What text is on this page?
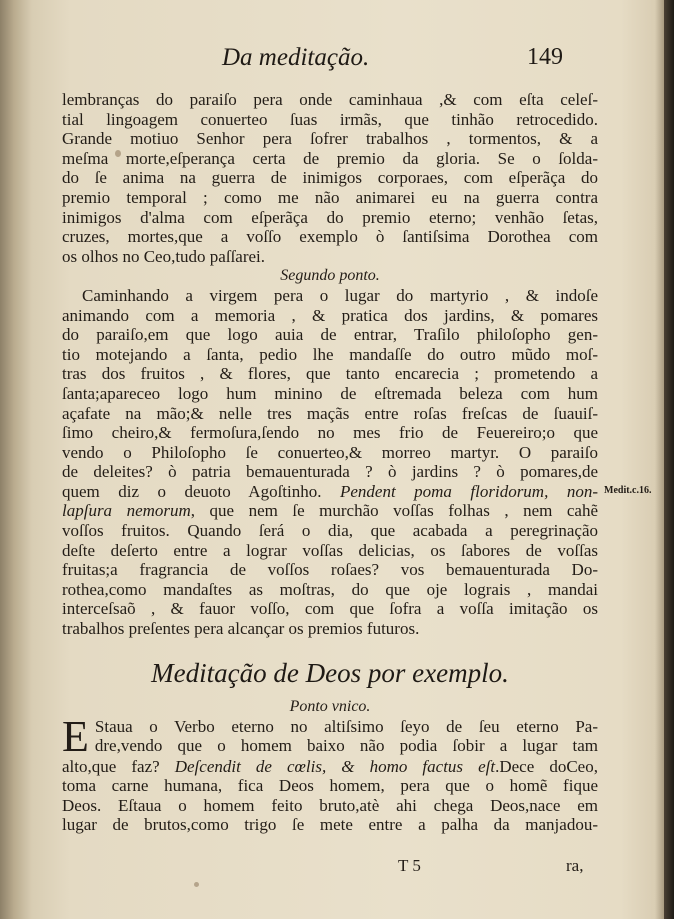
Da meditação.	149
lembranças do paraiſo pera onde caminhaua ,& com eſta celeſ-
tial lingoagem conuerteo ſuas irmãs, que tinhão retrocedido.
Grande motiuo Senhor pera ſofrer trabalhos , tormentos, & a
meſma morte,eſperança certa de premio da gloria. Se o ſolda-
do ſe anima na guerra de inimigos corporaes, com eſperãça do
premio temporal ; como me não animarei eu na guerra contra
inimigos d'alma com eſperãça do premio eterno; venhão ſetas,
cruzes, mortes,que a voſſo exemplo ò ſantiſsima Dorothea com
os olhos no Ceo,tudo paſſarei.
Segundo ponto.
Caminhando a virgem pera o lugar do martyrio , & indoſe
animando com a memoria , & pratica dos jardins, & pomares
do paraiſo,em que logo auia de entrar, Traſilo philoſopho gen-
tio motejando a ſanta, pedio lhe mandaſſe do outro mũdo moſ-
tras dos fruitos , & flores, que tanto encarecia ; prometendo a
ſanta;apareceo logo hum minino de eſtremada beleza com hum
açafate na mão;& nelle tres maçãs entre roſas freſcas de ſuauiſ-
ſimo cheiro,& fermoſura,ſendo no mes frio de Feuereiro;o que
vendo o Philoſopho ſe conuerteo,& morreo martyr. O paraiſo
de deleites? ò patria bemauenturada ? ò jardins ? ò pomares,de
quem diz o deuoto Agoſtinho. Pendent poma floridorum, non-
lapſura nemorum, que nem ſe murchão voſſas folhas , nem cahẽ
voſſos fruitos. Quando ſerá o dia, que acabada a peregrinação
deſte deſerto entre a lograr voſſas delicias, os ſabores de voſſas
fruitas;a fragrancia de voſſos roſaes? vos bemauenturada Do-
rothea,como mandaſtes as moſtras, do que oje lograis , mandai
interceſsaõ , & fauor voſſo, com que ſofra a voſſa imitação os
trabalhos preſentes pera alcançar os premios futuros.
Medit.c.16.
Meditação de Deos por exemplo.
Ponto vnico.
E Staua o Verbo eterno no altiſsimo ſeyo de ſeu eterno Pa-
dre,vendo que o homem baixo não podia ſobir a lugar tam
alto,que faz? Deſcendit de cœlis, & homo factus eſt.Dece doCeo,
toma carne humana, fica Deos homem, pera que o homẽ fique
Deos. Eſtaua o homem feito bruto,atè ahi chega Deos,nace em
lugar de brutos,como trigo ſe mete entre a palha da manjadou-
T 5	ra,
